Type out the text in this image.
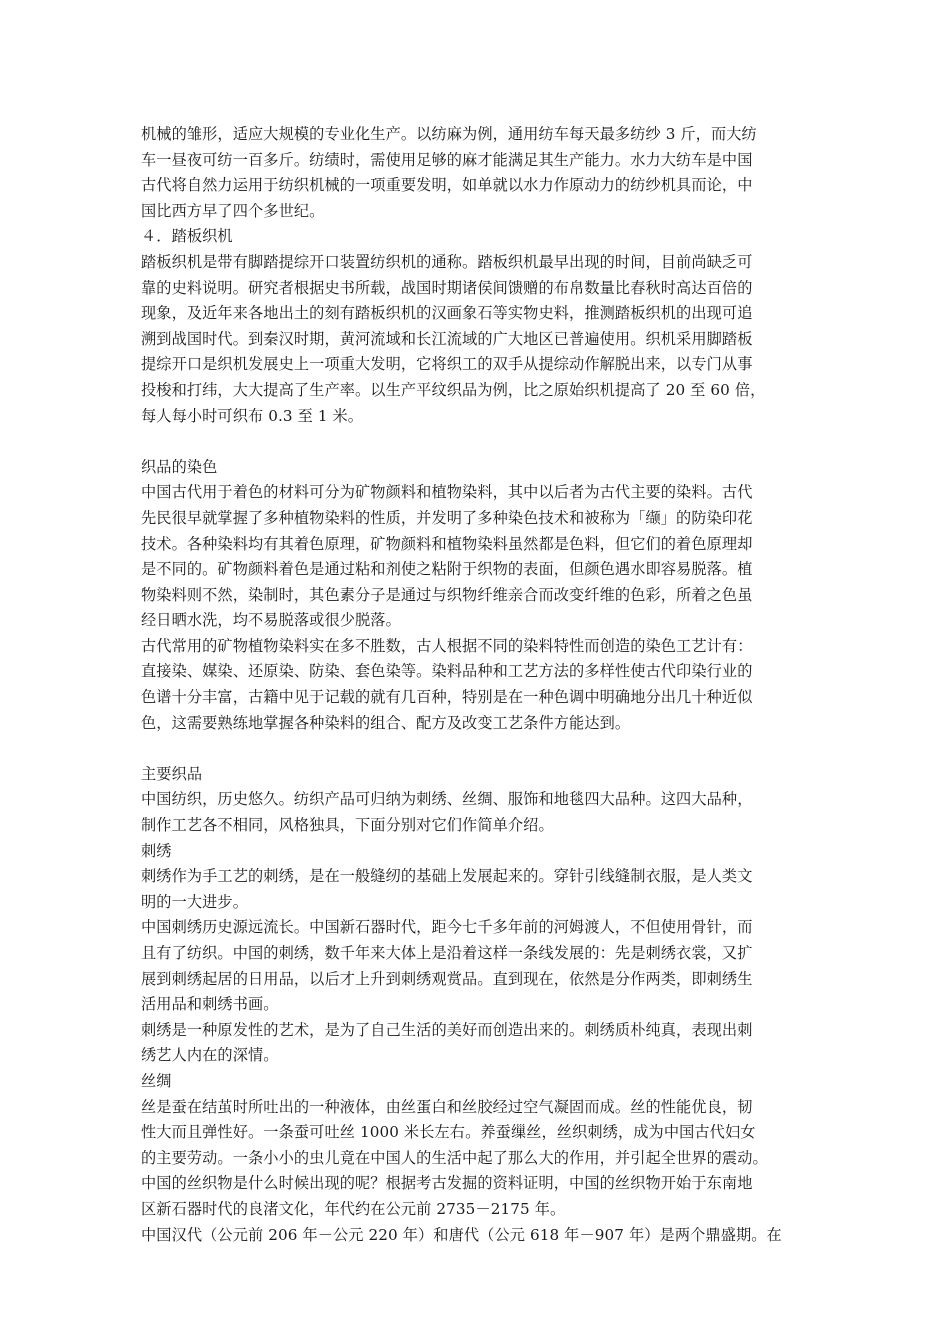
机械的雏形，适应大规模的专业化生产。以纺麻为例，通用纺车每天最多纺纱 3 斤，而大纺
车一昼夜可纺一百多斤。纺绩时，需使用足够的麻才能满足其生产能力。水力大纺车是中国
古代将自然力运用于纺织机械的一项重要发明，如单就以水力作原动力的纺纱机具而论，中
国比西方早了四个多世纪。
４．踏板织机
踏板织机是带有脚踏提综开口装置纺织机的通称。踏板织机最早出现的时间，目前尚缺乏可
靠的史料说明。研究者根据史书所载，战国时期诸侯间馈赠的布帛数量比春秋时高达百倍的
现象，及近年来各地出土的刻有踏板织机的汉画象石等实物史料，推测踏板织机的出现可追
溯到战国时代。到秦汉时期，黄河流域和长江流域的广大地区已普遍使用。织机采用脚踏板
提综开口是织机发展史上一项重大发明，它将织工的双手从提综动作解脱出来，以专门从事
投梭和打纬，大大提高了生产率。以生产平纹织品为例，比之原始织机提高了 20 至 60 倍，
每人每小时可织布 0.3 至 1 米。
织品的染色
中国古代用于着色的材料可分为矿物颜料和植物染料，其中以后者为古代主要的染料。古代
先民很早就掌握了多种植物染料的性质，并发明了多种染色技术和被称为「缬」的防染印花
技术。各种染料均有其着色原理，矿物颜料和植物染料虽然都是色料，但它们的着色原理却
是不同的。矿物颜料着色是通过粘和剂使之粘附于织物的表面，但颜色遇水即容易脱落。植
物染料则不然，染制时，其色素分子是通过与织物纤维亲合而改变纤维的色彩，所着之色虽
经日晒水洗，均不易脱落或很少脱落。
古代常用的矿物植物染料实在多不胜数，古人根据不同的染料特性而创造的染色工艺计有：
直接染、媒染、还原染、防染、套色染等。染料品种和工艺方法的多样性使古代印染行业的
色谱十分丰富，古籍中见于记载的就有几百种，特别是在一种色调中明确地分出几十种近似
色，这需要熟练地掌握各种染料的组合、配方及改变工艺条件方能达到。
主要织品
中国纺织，历史悠久。纺织产品可归纳为刺绣、丝绸、服饰和地毯四大品种。这四大品种，
制作工艺各不相同，风格独具，下面分别对它们作简单介绍。
刺绣
刺绣作为手工艺的刺绣，是在一般缝纫的基础上发展起来的。穿针引线缝制衣服，是人类文
明的一大进步。
中国刺绣历史源远流长。中国新石器时代，距今七千多年前的河姆渡人，不但使用骨针，而
且有了纺织。中国的刺绣，数千年来大体上是沿着这样一条线发展的：先是刺绣衣裳，又扩
展到刺绣起居的日用品，以后才上升到刺绣观赏品。直到现在，依然是分作两类，即刺绣生
活用品和刺绣书画。
刺绣是一种原发性的艺术，是为了自己生活的美好而创造出来的。刺绣质朴纯真，表现出刺
绣艺人内在的深情。
丝绸
丝是蚕在结茧时所吐出的一种液体，由丝蛋白和丝胶经过空气凝固而成。丝的性能优良，韧
性大而且弹性好。一条蚕可吐丝 1000 米长左右。养蚕缫丝，丝织刺绣，成为中国古代妇女
的主要劳动。一条小小的虫儿竟在中国人的生活中起了那么大的作用，并引起全世界的震动。
中国的丝织物是什么时候出现的呢？根据考古发掘的资料证明，中国的丝织物开始于东南地
区新石器时代的良渚文化，年代约在公元前 2735－2175 年。
中国汉代（公元前 206 年－公元 220 年）和唐代（公元 618 年－907 年）是两个鼎盛期。在
